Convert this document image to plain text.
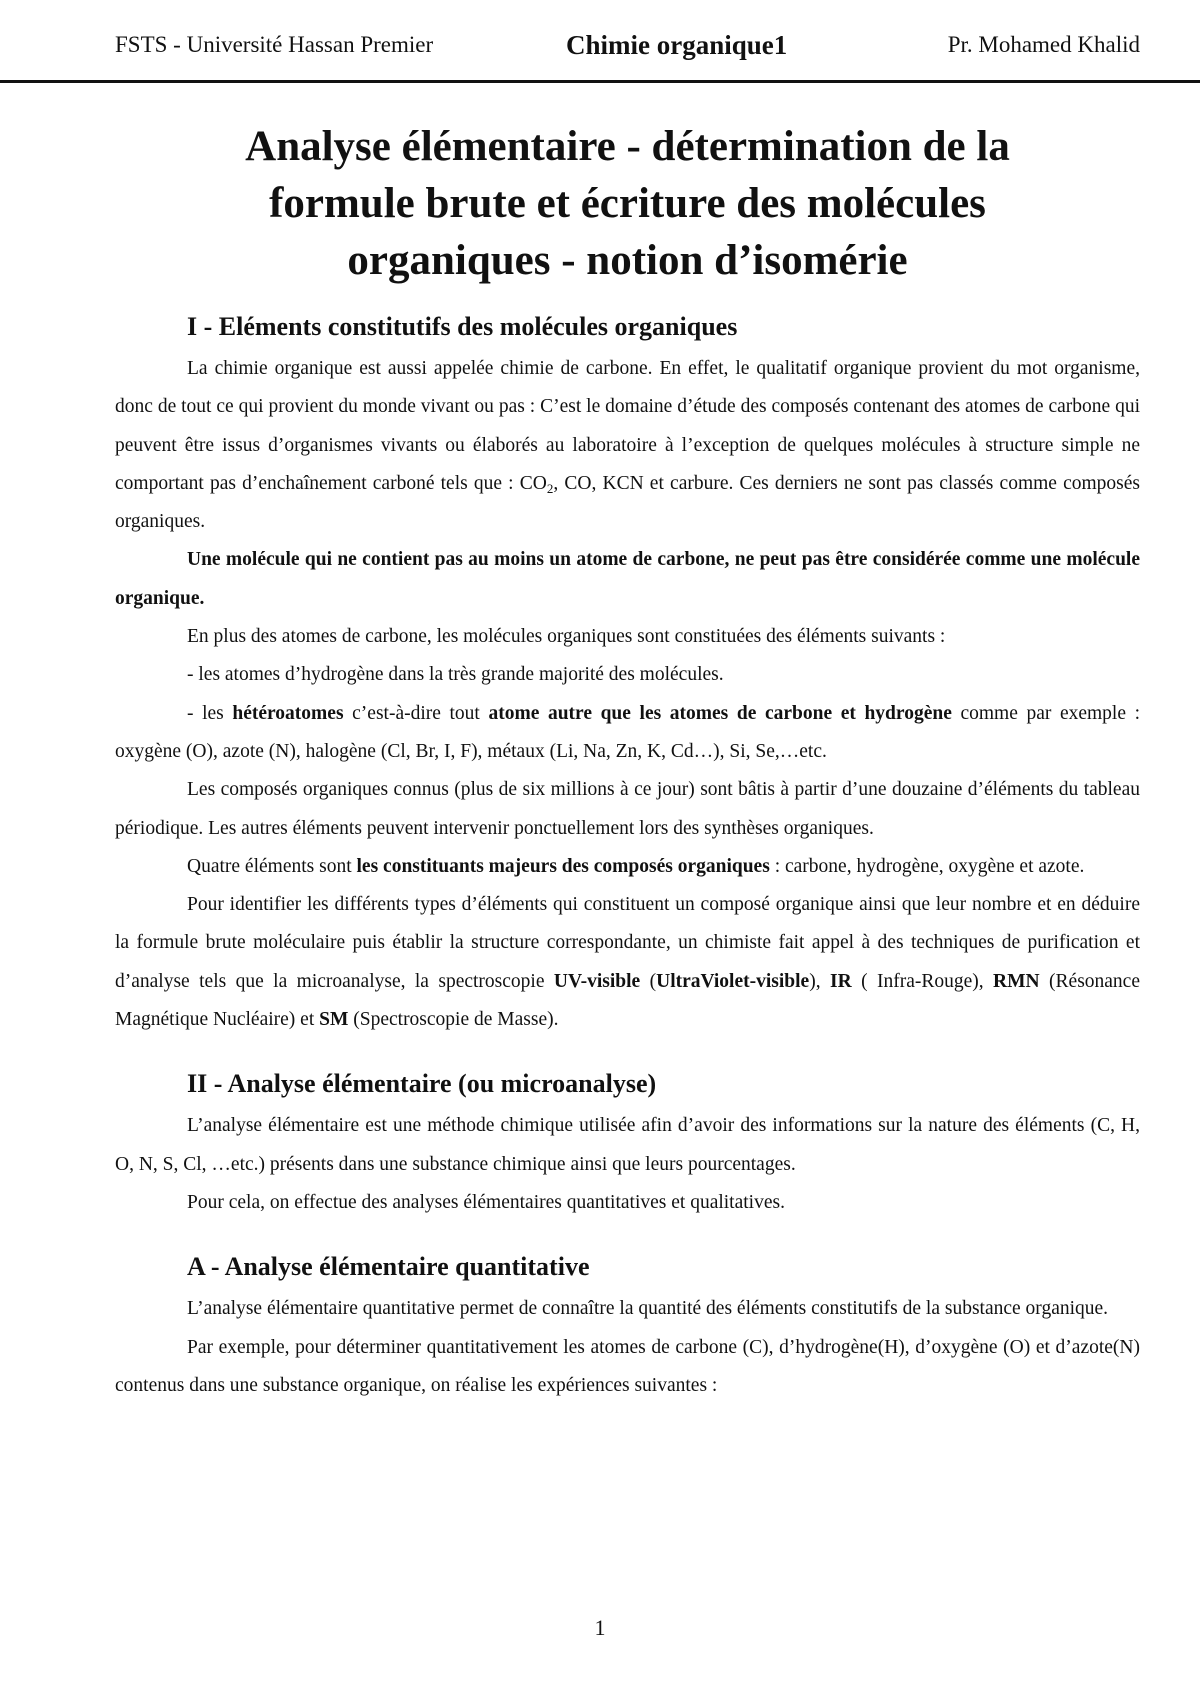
FSTS - Université Hassan Premier	Chimie organique1	Pr. Mohamed Khalid
Analyse élémentaire - détermination de la
formule brute et écriture des molécules
organiques - notion d’isomérie
I - Eléments constitutifs des molécules organiques

La chimie organique est aussi appelée chimie de carbone. En effet, le qualitatif organique provient du mot organisme, donc de tout ce qui provient du monde vivant ou pas : C’est le domaine d’étude des composés contenant des atomes de carbone qui peuvent être issus d’organismes vivants ou élaborés au laboratoire à l’exception de quelques molécules à structure simple ne comportant pas d’enchaînement carboné tels que : $CO_2$, CO, KCN et carbure. Ces derniers ne sont pas classés comme composés organiques.

Une molécule qui ne contient pas au moins un atome de carbone, ne peut pas être considérée comme une molécule organique.

En plus des atomes de carbone, les molécules organiques sont constituées des éléments suivants :

- les atomes d’hydrogène dans la très grande majorité des molécules.

- les hétéroatomes c’est-à-dire tout atome autre que les atomes de carbone et hydrogène comme par exemple : oxygène (O), azote (N), halogène (Cl, Br, I, F), métaux (Li, Na, Zn, K, Cd…), Si, Se,…etc.

Les composés organiques connus (plus de six millions à ce jour) sont bâtis à partir d’une douzaine d’éléments du tableau périodique. Les autres éléments peuvent intervenir ponctuellement lors des synthèses organiques.

Quatre éléments sont les constituants majeurs des composés organiques : carbone, hydrogène, oxygène et azote.

Pour identifier les différents types d’éléments qui constituent un composé organique ainsi que leur nombre et en déduire la formule brute moléculaire puis établir la structure correspondante, un chimiste fait appel à des techniques de purification et d’analyse tels que la microanalyse, la spectroscopie UV-visible (UltraViolet-visible), IR ( Infra-Rouge), RMN (Résonance Magnétique Nucléaire) et SM (Spectroscopie de Masse).

II - Analyse élémentaire (ou microanalyse)

L’analyse élémentaire est une méthode chimique utilisée afin d’avoir des informations sur la nature des éléments (C, H, O, N, S, Cl, …etc.) présents dans une substance chimique ainsi que leurs pourcentages.

Pour cela, on effectue des analyses élémentaires quantitatives et qualitatives.

A - Analyse élémentaire quantitative

L’analyse élémentaire quantitative permet de connaître la quantité des éléments constitutifs de la substance organique.

Par exemple, pour déterminer quantitativement les atomes de carbone (C), d’hydrogène(H), d’oxygène (O) et d’azote(N) contenus dans une substance organique, on réalise les expériences suivantes :

1
